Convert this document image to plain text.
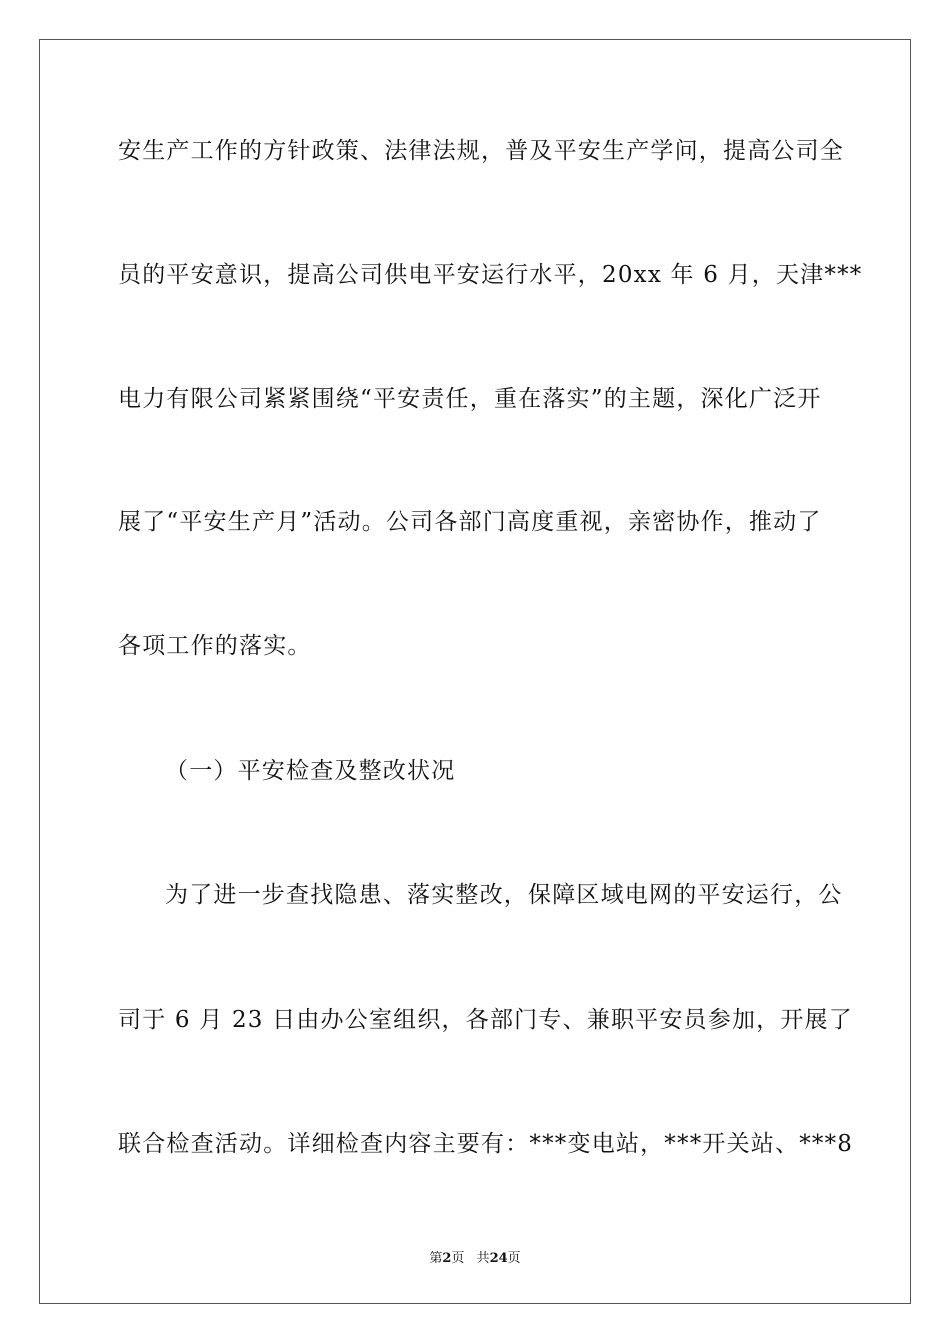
安生产工作的方针政策、法律法规，普及平安生产学问，提高公司全
员的平安意识，提高公司供电平安运行水平，20xx 年 6 月，天津***
电力有限公司紧紧围绕“平安责任，重在落实”的主题，深化广泛开
展了“平安生产月”活动。公司各部门高度重视，亲密协作，推动了
各项工作的落实。
（一）平安检查及整改状况
为了进一步查找隐患、落实整改，保障区域电网的平安运行，公
司于 6 月 23 日由办公室组织，各部门专、兼职平安员参加，开展了
联合检查活动。详细检查内容主要有：***变电站，***开关站、***8
第2页 共24页
